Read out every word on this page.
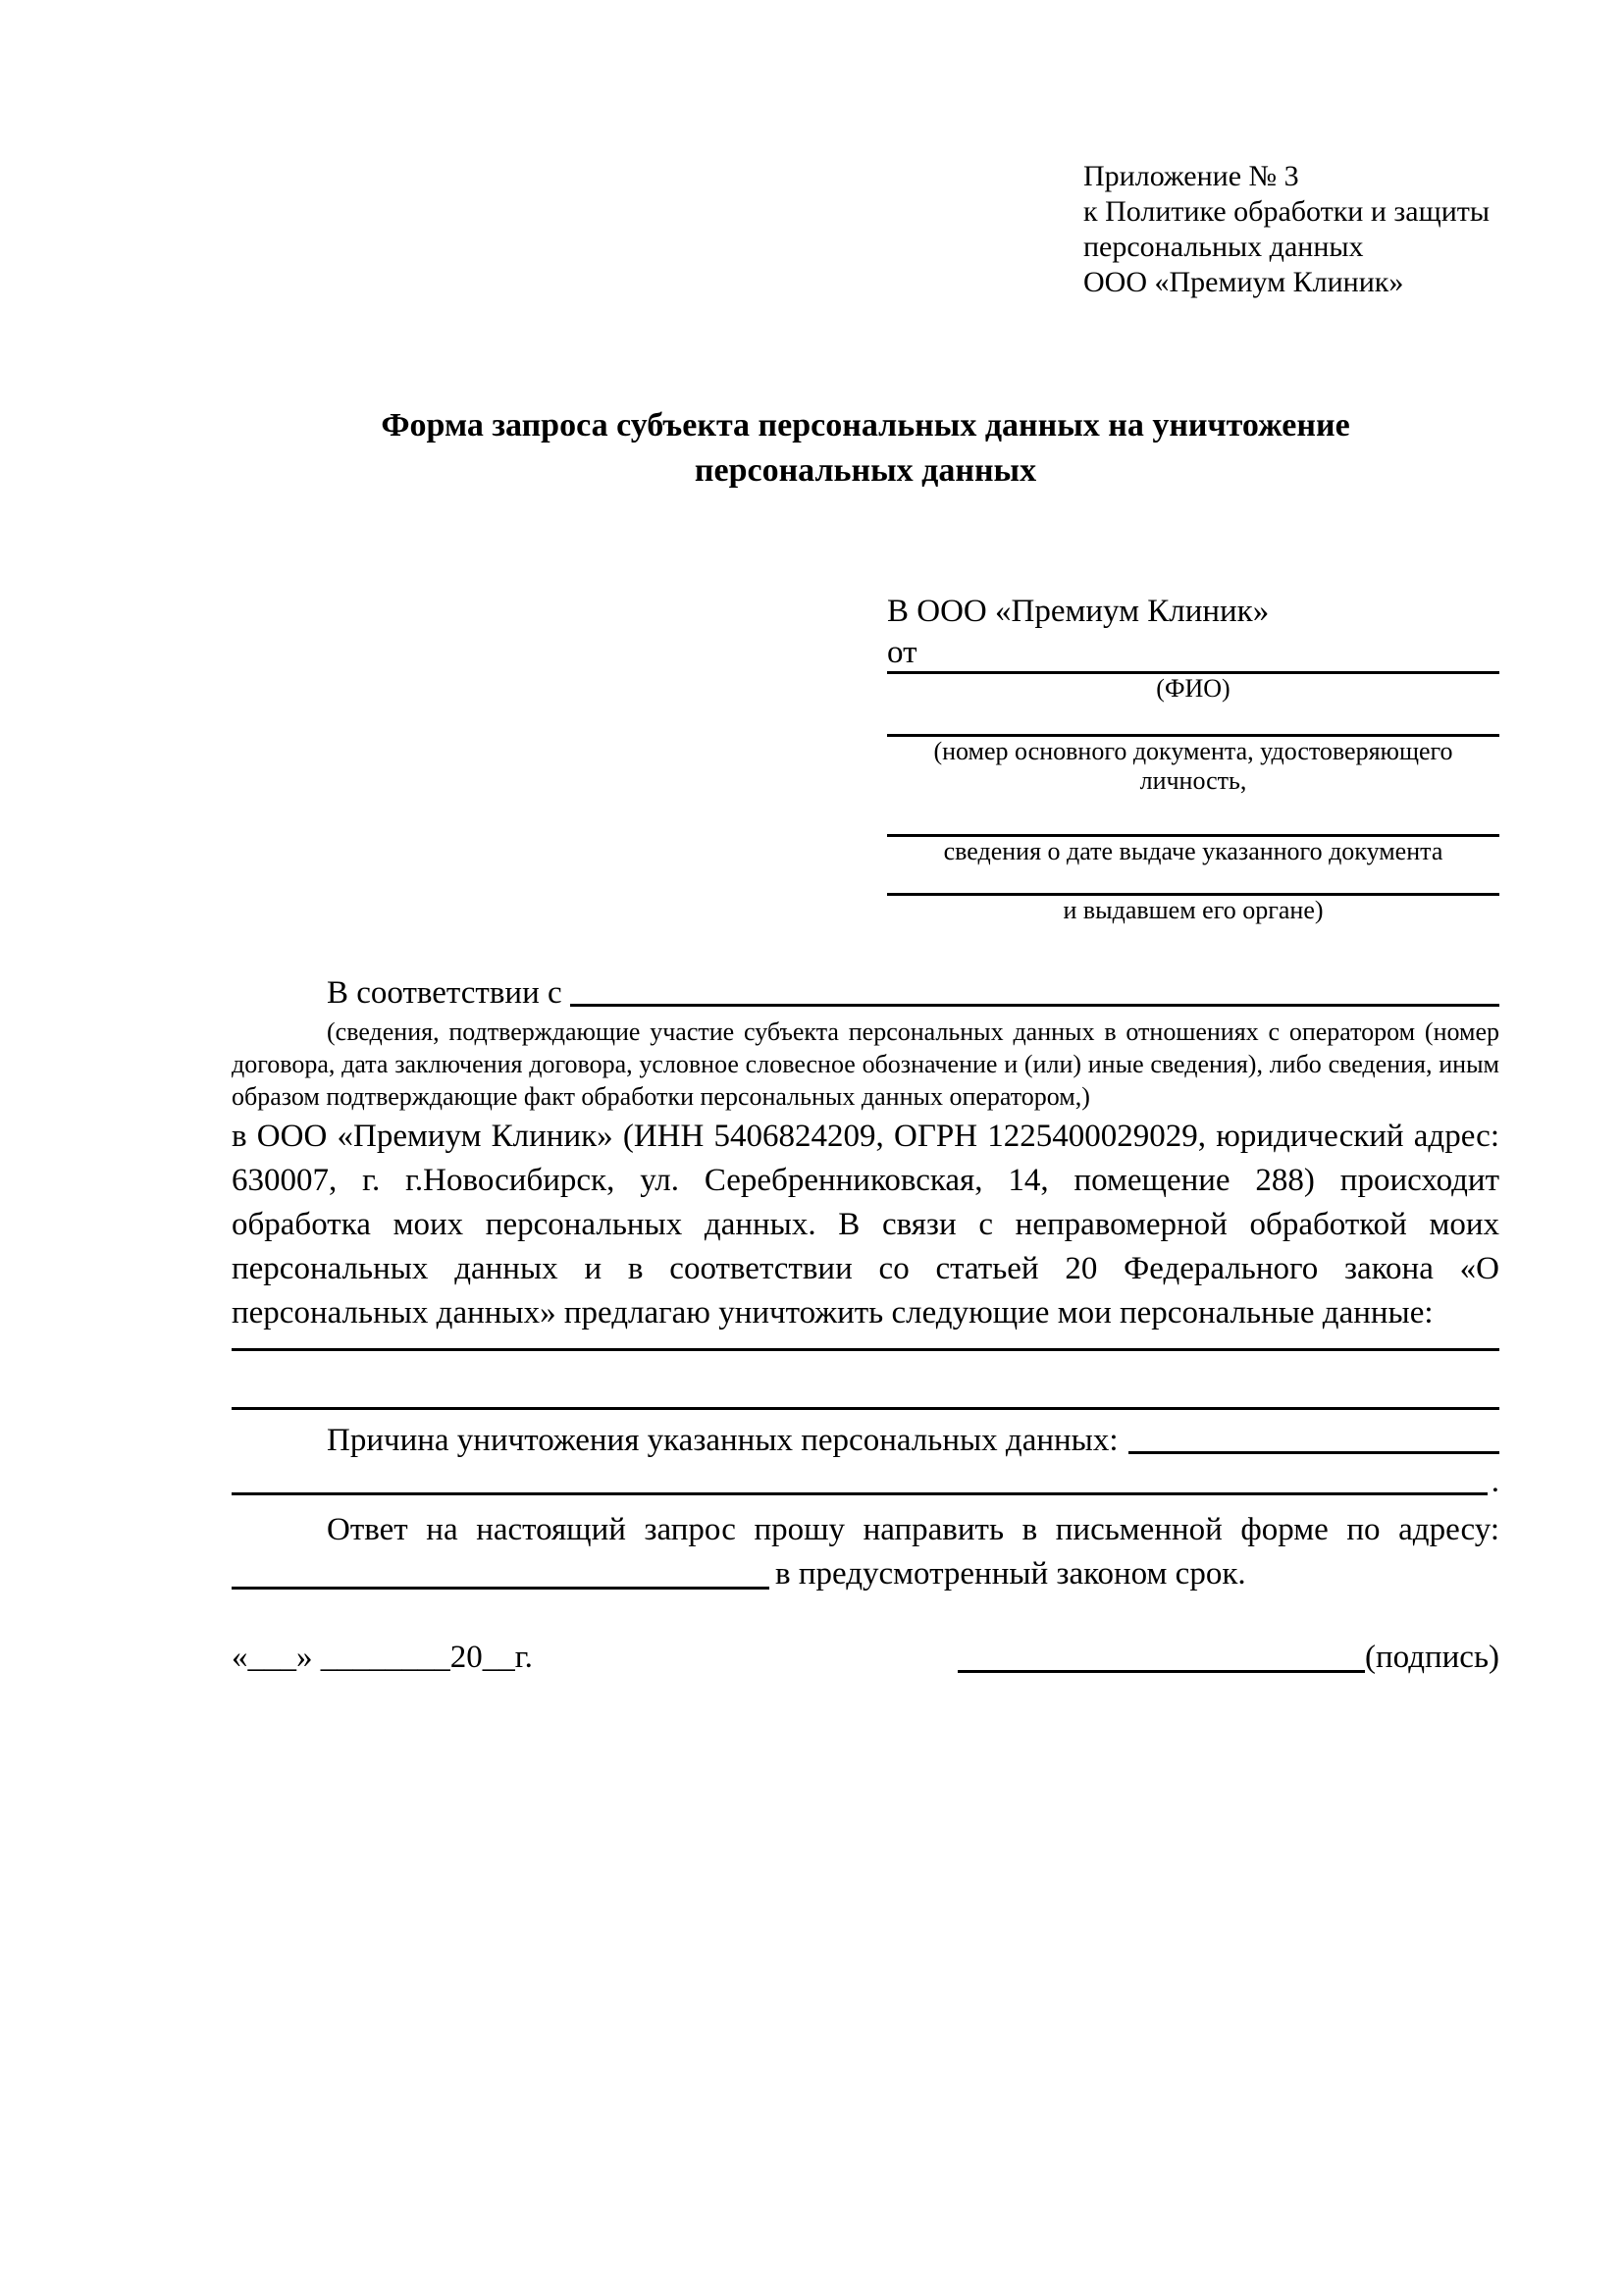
Приложение № 3
к Политике обработки и защиты
персональных данных
ООО «Премиум Клиник»
Форма запроса субъекта персональных данных на уничтожение
персональных данных
В ООО «Премиум Клиник»
от
(ФИО)
(номер основного документа, удостоверяющего личность,
сведения о дате выдаче указанного документа
и выдавшем его органе)
В соответствии с
(сведения, подтверждающие участие субъекта персональных данных в отношениях с оператором (номер договора, дата заключения договора, условное словесное обозначение и (или) иные сведения), либо сведения, иным образом подтверждающие факт обработки персональных данных оператором,)
в ООО «Премиум Клиник» (ИНН 5406824209, ОГРН 1225400029029, юридический адрес: 630007, г. г.Новосибирск, ул. Серебренниковская, 14, помещение 288) происходит обработка моих персональных данных. В связи с неправомерной обработкой моих персональных данных и в соответствии со статьей 20 Федерального закона «О персональных данных» предлагаю уничтожить следующие мои персональные данные:
Причина уничтожения указанных персональных данных:
.
Ответ на настоящий запрос прошу направить в письменной форме по адресу:
в предусмотренный законом срок.
«___» ________20__г.	(подпись)
